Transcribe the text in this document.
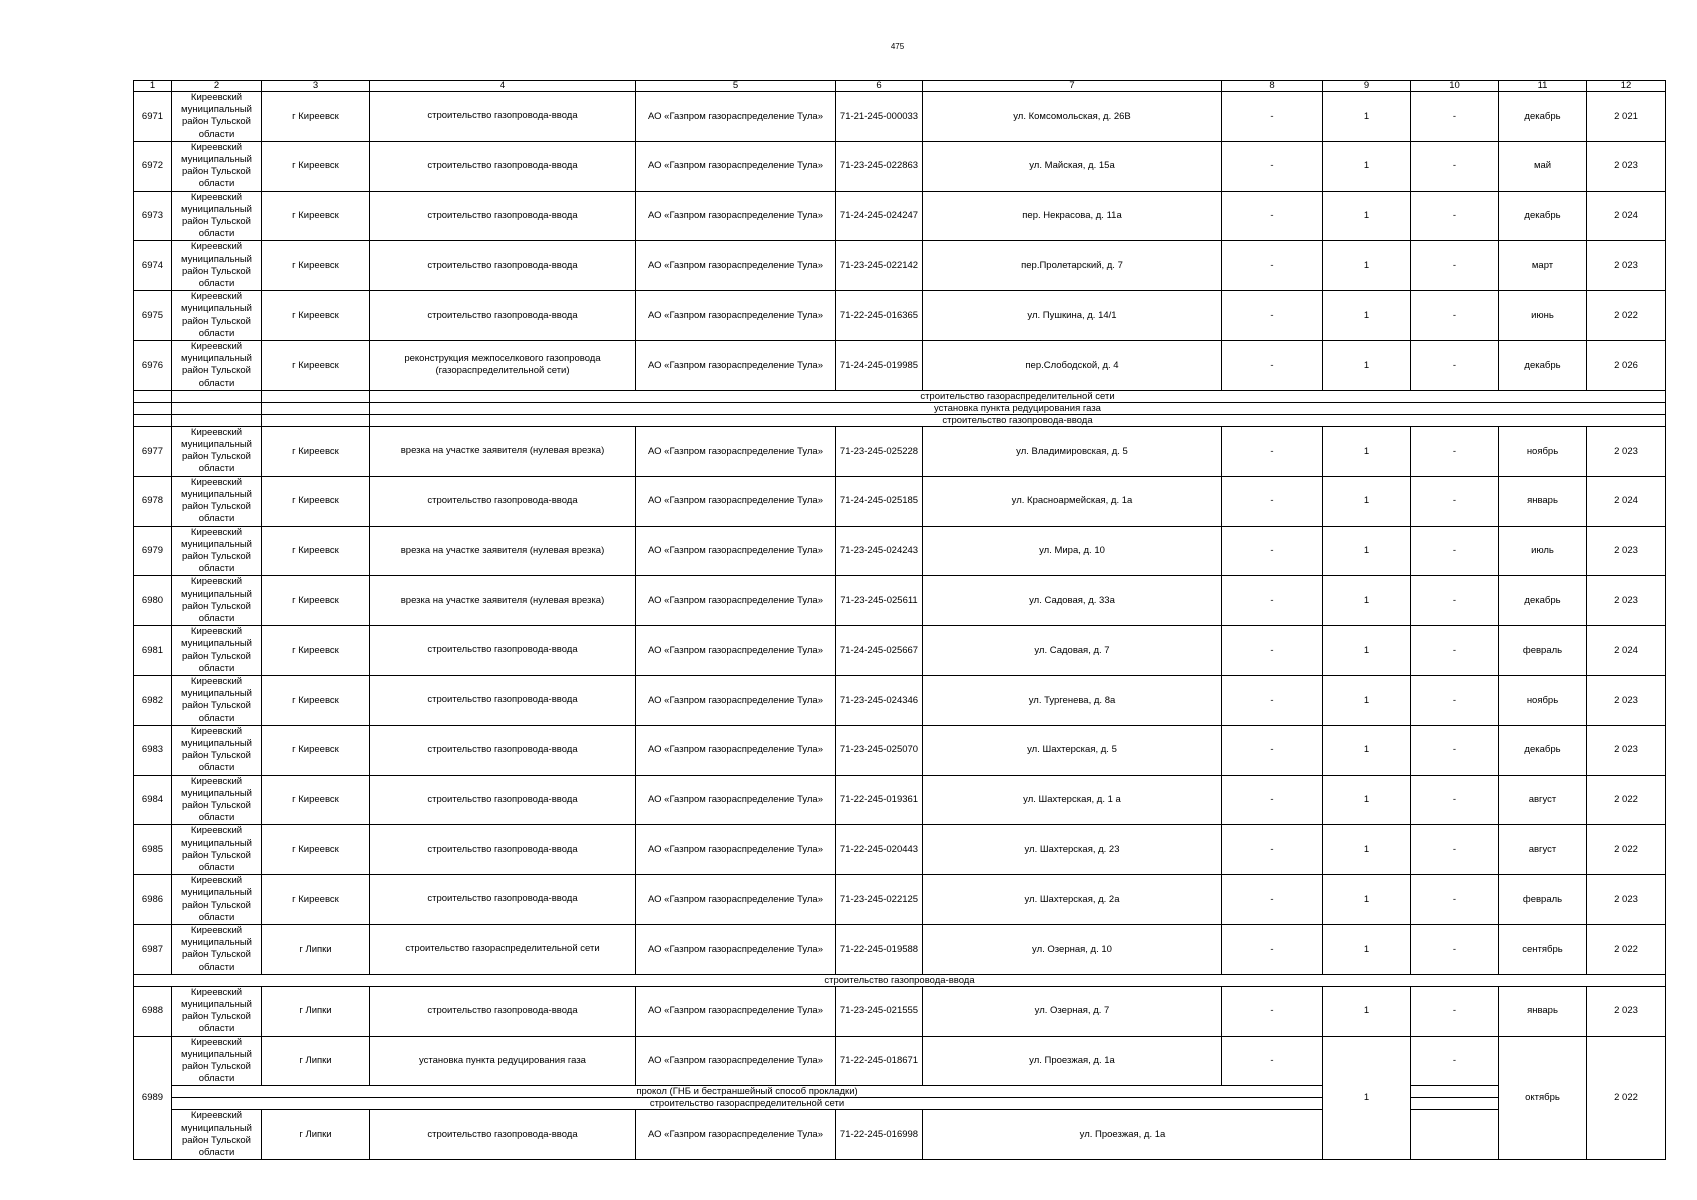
475
1	2	3	4	5	6	7	8	9	10	11	12
6971	Киреевский муниципальный район Тульской области	г Киреевск	строительство газопровода-ввода	АО «Газпром газораспределение Тула»	71-21-245-000033	ул. Комсомольская, д. 26В	-	1	-	декабрь	2 021
6972	Киреевский муниципальный район Тульской области	г Киреевск	строительство газопровода-ввода	АО «Газпром газораспределение Тула»	71-23-245-022863	ул. Майская, д. 15а	-	1	-	май	2 023
6973	Киреевский муниципальный район Тульской области	г Киреевск	строительство газопровода-ввода	АО «Газпром газораспределение Тула»	71-24-245-024247	пер. Некрасова, д. 11а	-	1	-	декабрь	2 024
6974	Киреевский муниципальный район Тульской области	г Киреевск	строительство газопровода-ввода	АО «Газпром газораспределение Тула»	71-23-245-022142	пер.Пролетарский, д. 7	-	1	-	март	2 023
6975	Киреевский муниципальный район Тульской области	г Киреевск	строительство газопровода-ввода	АО «Газпром газораспределение Тула»	71-22-245-016365	ул. Пушкина, д. 14/1	-	1	-	июнь	2 022
6976	Киреевский муниципальный район Тульской области	г Киреевск	реконструкция межпоселкового газопровода (газораспределительной сети)	АО «Газпром газораспределение Тула»	71-24-245-019985	пер.Слободской, д. 4	-	1	-	декабрь	2 026
			строительство газораспределительной сети								
			установка пункта редуцирования газа								
			строительство газопровода-ввода								
6977	Киреевский муниципальный район Тульской области	г Киреевск	врезка на участке заявителя (нулевая врезка)	АО «Газпром газораспределение Тула»	71-23-245-025228	ул. Владимировская, д. 5	-	1	-	ноябрь	2 023
6978	Киреевский муниципальный район Тульской области	г Киреевск	строительство газопровода-ввода	АО «Газпром газораспределение Тула»	71-24-245-025185	ул. Красноармейская, д. 1а	-	1	-	январь	2 024
6979	Киреевский муниципальный район Тульской области	г Киреевск	врезка на участке заявителя (нулевая врезка)	АО «Газпром газораспределение Тула»	71-23-245-024243	ул. Мира, д. 10	-	1	-	июль	2 023
6980	Киреевский муниципальный район Тульской области	г Киреевск	врезка на участке заявителя (нулевая врезка)	АО «Газпром газораспределение Тула»	71-23-245-025611	ул. Садовая, д. 33а	-	1	-	декабрь	2 023
6981	Киреевский муниципальный район Тульской области	г Киреевск	строительство газопровода-ввода	АО «Газпром газораспределение Тула»	71-24-245-025667	ул. Садовая, д. 7	-	1	-	февраль	2 024
6982	Киреевский муниципальный район Тульской области	г Киреевск	строительство газопровода-ввода	АО «Газпром газораспределение Тула»	71-23-245-024346	ул. Тургенева, д. 8а	-	1	-	ноябрь	2 023
6983	Киреевский муниципальный район Тульской области	г Киреевск	строительство газопровода-ввода	АО «Газпром газораспределение Тула»	71-23-245-025070	ул. Шахтерская, д. 5	-	1	-	декабрь	2 023
6984	Киреевский муниципальный район Тульской области	г Киреевск	строительство газопровода-ввода	АО «Газпром газораспределение Тула»	71-22-245-019361	ул. Шахтерская, д. 1 а	-	1	-	август	2 022
6985	Киреевский муниципальный район Тульской области	г Киреевск	строительство газопровода-ввода	АО «Газпром газораспределение Тула»	71-22-245-020443	ул. Шахтерская, д. 23	-	1	-	август	2 022
6986	Киреевский муниципальный район Тульской области	г Киреевск	строительство газопровода-ввода	АО «Газпром газораспределение Тула»	71-23-245-022125	ул. Шахтерская, д. 2а	-	1	-	февраль	2 023
6987	Киреевский муниципальный район Тульской области	г Липки	строительство газораспределительной сети	АО «Газпром газораспределение Тула»	71-22-245-019588	ул. Озерная, д. 10	-	1	-	сентябрь	2 022
строительство газопровода-ввода											
6988	Киреевский муниципальный район Тульской области	г Липки	строительство газопровода-ввода	АО «Газпром газораспределение Тула»	71-23-245-021555	ул. Озерная, д. 7	-	1	-	январь	2 023
6989	Киреевский муниципальный район Тульской области	г Липки	установка пункта редуцирования газа	АО «Газпром газораспределение Тула»	71-22-245-018671	ул. Проезжая, д. 1а	-	1	-	октябрь	2 022
	прокол (ГНБ и бестраншейный способ прокладки)										
	строительство газораспределительной сети										
	Киреевский муниципальный район Тульской области	г Липки	строительство газопровода-ввода	АО «Газпром газораспределение Тула»	71-22-245-016998	ул. Проезжая, д. 1а					
